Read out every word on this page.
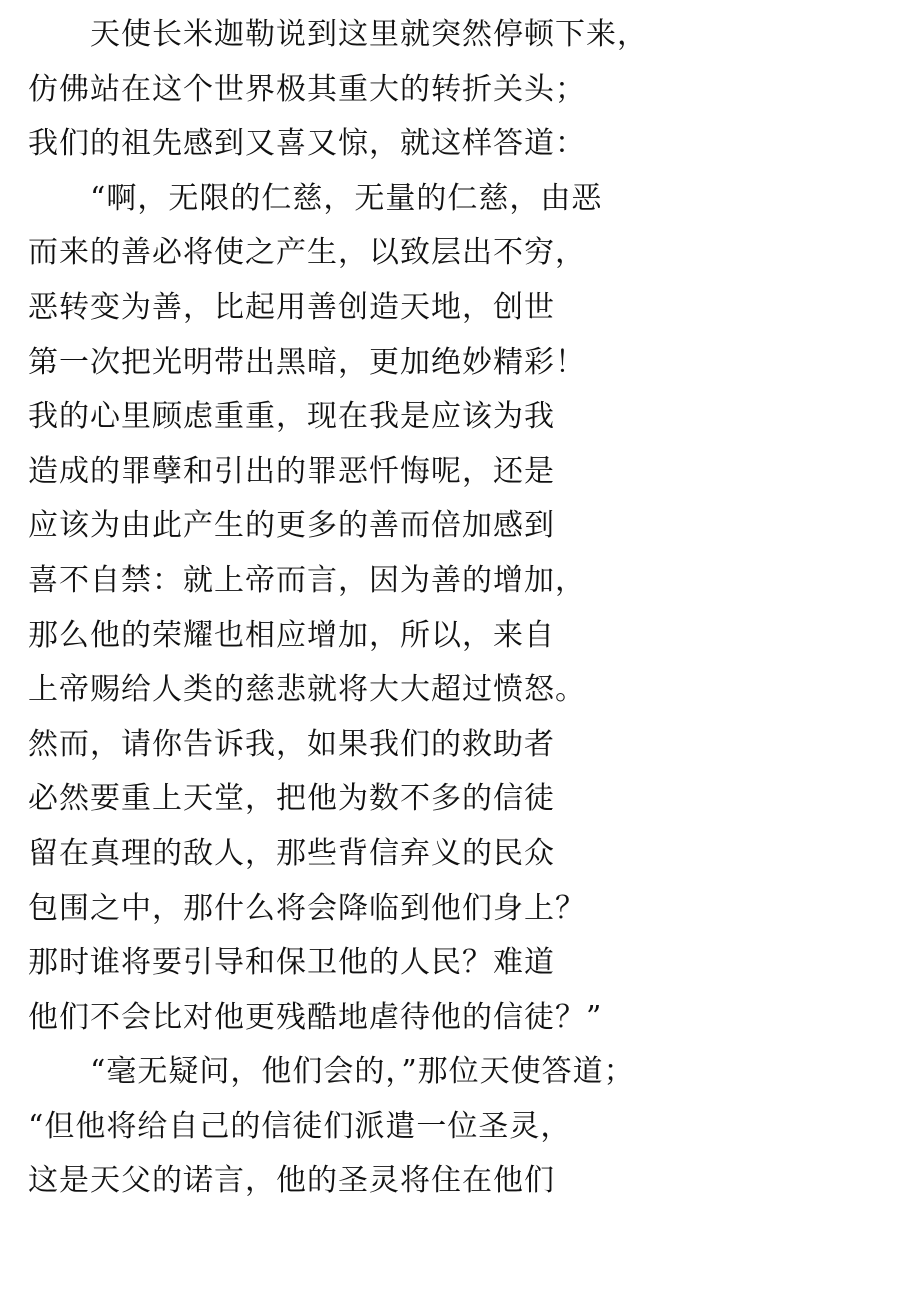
天使长米迦勒说到这里就突然停顿下来，
仿佛站在这个世界极其重大的转折关头；
我们的祖先感到又喜又惊，就这样答道：
“啊，无限的仁慈，无量的仁慈，由恶
而来的善必将使之产生，以致层出不穷，
恶转变为善，比起用善创造天地，创世
第一次把光明带出黑暗，更加绝妙精彩！
我的心里顾虑重重，现在我是应该为我
造成的罪孽和引出的罪恶忏悔呢，还是
应该为由此产生的更多的善而倍加感到
喜不自禁：就上帝而言，因为善的增加，
那么他的荣耀也相应增加，所以，来自
上帝赐给人类的慈悲就将大大超过愤怒。
然而，请你告诉我，如果我们的救助者
必然要重上天堂，把他为数不多的信徒
留在真理的敌人，那些背信弃义的民众
包围之中，那什么将会降临到他们身上？
那时谁将要引导和保卫他的人民？难道
他们不会比对他更残酷地虐待他的信徒？”
“毫无疑问，他们会的，”那位天使答道；
“但他将给自己的信徒们派遣一位圣灵，
这是天父的诺言，他的圣灵将住在他们
